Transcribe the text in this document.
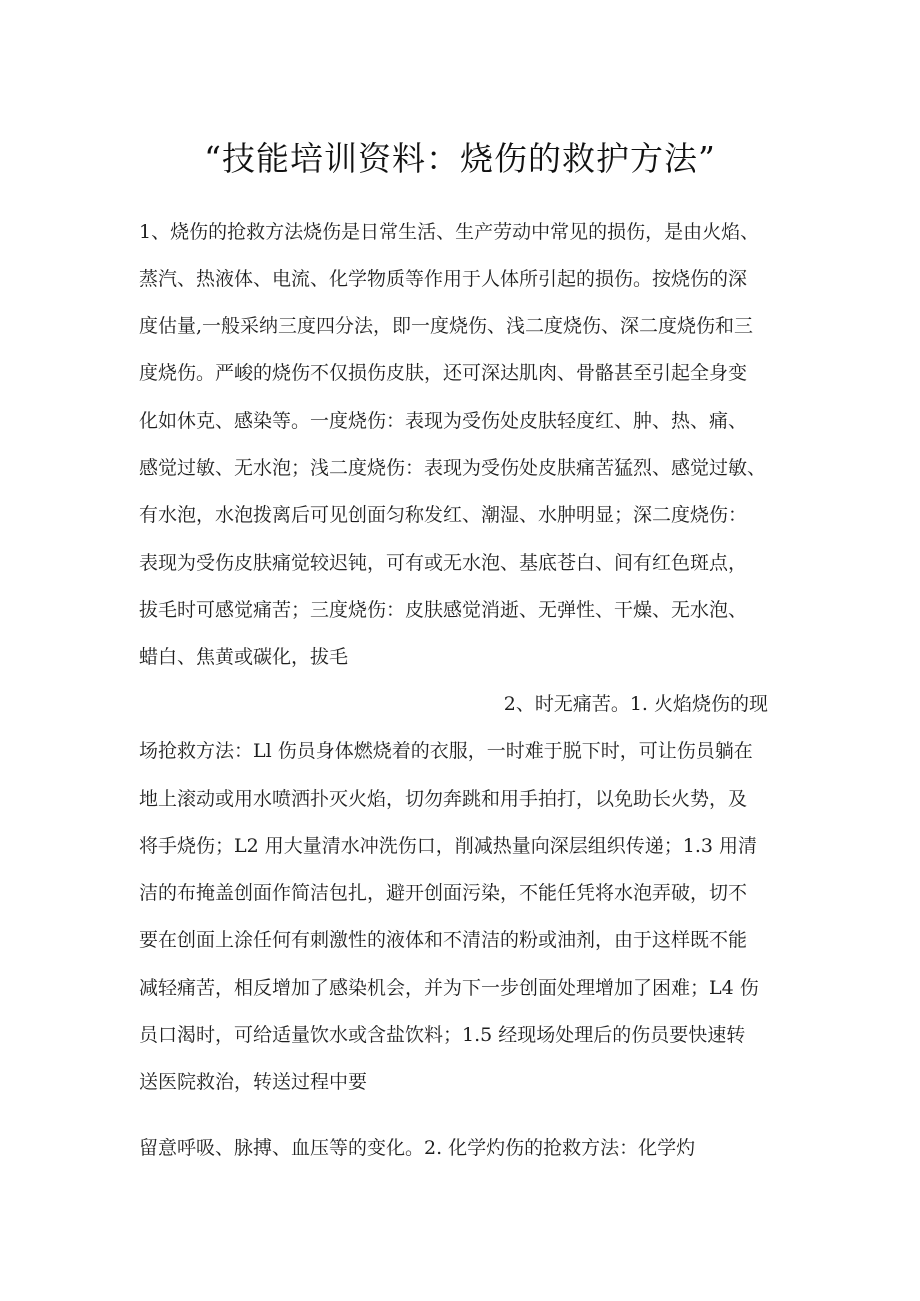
“技能培训资料：烧伤的救护方法”
1、烧伤的抢救方法烧伤是日常生活、生产劳动中常见的损伤，是由火焰、
蒸汽、热液体、电流、化学物质等作用于人体所引起的损伤。按烧伤的深
度估量,一般采纳三度四分法，即一度烧伤、浅二度烧伤、深二度烧伤和三
度烧伤。严峻的烧伤不仅损伤皮肤，还可深达肌肉、骨骼甚至引起全身变
化如休克、感染等。一度烧伤：表现为受伤处皮肤轻度红、肿、热、痛、
感觉过敏、无水泡；浅二度烧伤：表现为受伤处皮肤痛苦猛烈、感觉过敏、
有水泡，水泡拨离后可见创面匀称发红、潮湿、水肿明显；深二度烧伤：
表现为受伤皮肤痛觉较迟钝，可有或无水泡、基底苍白、间有红色斑点，
拔毛时可感觉痛苦；三度烧伤：皮肤感觉消逝、无弹性、干燥、无水泡、
蜡白、焦黄或碳化，拔毛
2、时无痛苦。1. 火焰烧伤的现
场抢救方法：Ll 伤员身体燃烧着的衣服，一时难于脱下时，可让伤员躺在
地上滚动或用水喷洒扑灭火焰，切勿奔跳和用手拍打，以免助长火势，及
将手烧伤；L2 用大量清水冲洗伤口，削减热量向深层组织传递；1.3 用清
洁的布掩盖创面作简洁包扎，避开创面污染，不能任凭将水泡弄破，切不
要在创面上涂任何有刺激性的液体和不清洁的粉或油剂，由于这样既不能
减轻痛苦，相反增加了感染机会，并为下一步创面处理增加了困难；L4 伤
员口渴时，可给适量饮水或含盐饮料；1.5 经现场处理后的伤员要快速转
送医院救治，转送过程中要
留意呼吸、脉搏、血压等的变化。2. 化学灼伤的抢救方法：化学灼
